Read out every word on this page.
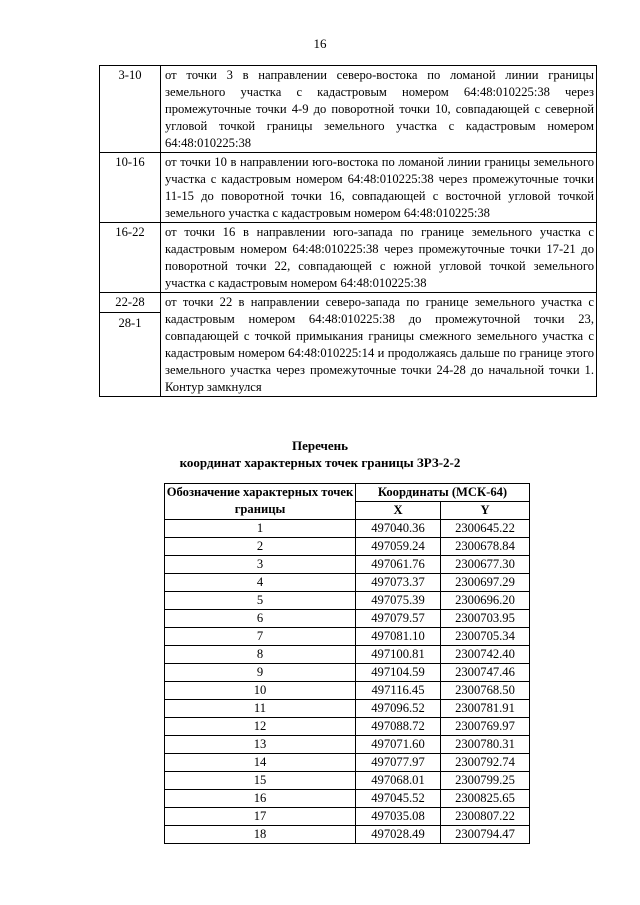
16
3-10	от точки 3 в направлении северо-востока по ломаной линии границы земельного участка с кадастровым номером 64:48:010225:38 через промежуточные точки 4-9 до поворотной точки 10, совпадающей с северной угловой точкой границы земельного участка с кадастровым номером 64:48:010225:38

10-16	от точки 10 в направлении юго-востока по ломаной линии границы земельного участка с кадастровым номером 64:48:010225:38 через промежуточные точки 11-15 до поворотной точки 16, совпадающей с восточной угловой точкой земельного участка с кадастровым номером 64:48:010225:38

16-22	от точки 16 в направлении юго-запада по границе земельного участка с кадастровым номером 64:48:010225:38 через промежуточные точки 17-21 до поворотной точки 22, совпадающей с южной угловой точкой земельного участка с кадастровым номером 64:48:010225:38

22-28
28-1	от точки 22 в направлении северо-запада по границе земельного участка с кадастровым номером 64:48:010225:38 до промежуточной точки 23, совпадающей с точкой примыкания границы смежного земельного участка с кадастровым номером 64:48:010225:14 и продолжаясь дальше по границе этого земельного участка через промежуточные точки 24-28 до начальной точки 1. Контур замкнулся
Перечень
координат характерных точек границы ЗРЗ-2-2
Обозначение характерных точек границы	Координаты (МСК-64)	
	X	Y
1	497040.36	2300645.22
2	497059.24	2300678.84
3	497061.76	2300677.30
4	497073.37	2300697.29
5	497075.39	2300696.20
6	497079.57	2300703.95
7	497081.10	2300705.34
8	497100.81	2300742.40
9	497104.59	2300747.46
10	497116.45	2300768.50
11	497096.52	2300781.91
12	497088.72	2300769.97
13	497071.60	2300780.31
14	497077.97	2300792.74
15	497068.01	2300799.25
16	497045.52	2300825.65
17	497035.08	2300807.22
18	497028.49	2300794.47
